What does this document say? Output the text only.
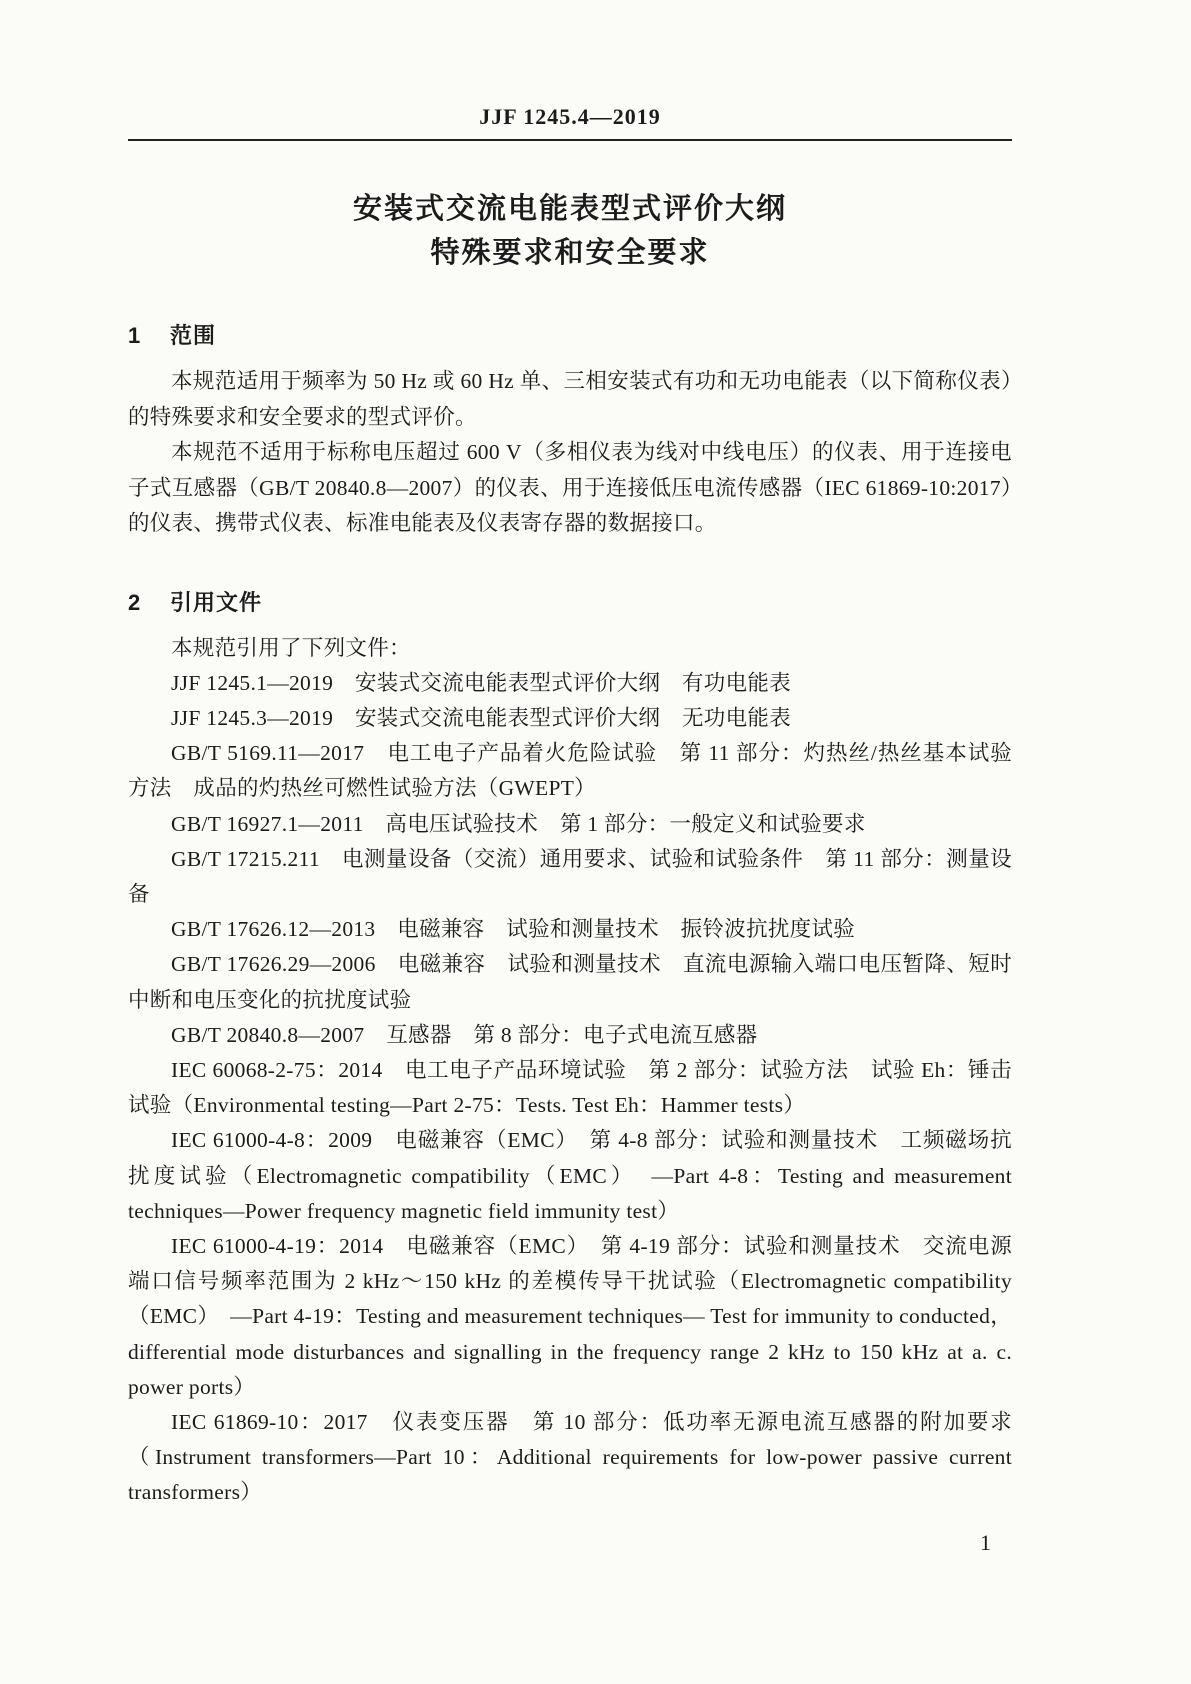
JJF 1245.4—2019
安装式交流电能表型式评价大纲
特殊要求和安全要求
1 范围

本规范适用于频率为 50 Hz 或 60 Hz 单、三相安装式有功和无功电能表（以下简称仪表）的特殊要求和安全要求的型式评价。

本规范不适用于标称电压超过 600 V（多相仪表为线对中线电压）的仪表、用于连接电子式互感器（GB/T 20840.8—2007）的仪表、用于连接低压电流传感器（IEC 61869-10:2017）的仪表、携带式仪表、标准电能表及仪表寄存器的数据接口。

2 引用文件

本规范引用了下列文件：

JJF 1245.1—2019　安装式交流电能表型式评价大纲　有功电能表

JJF 1245.3—2019　安装式交流电能表型式评价大纲　无功电能表

GB/T 5169.11—2017　电工电子产品着火危险试验　第 11 部分：灼热丝/热丝基本试验方法　成品的灼热丝可燃性试验方法（GWEPT）

GB/T 16927.1—2011　高电压试验技术　第 1 部分：一般定义和试验要求

GB/T 17215.211　电测量设备（交流）通用要求、试验和试验条件　第 11 部分：测量设备

GB/T 17626.12—2013　电磁兼容　试验和测量技术　振铃波抗扰度试验

GB/T 17626.29—2006　电磁兼容　试验和测量技术　直流电源输入端口电压暂降、短时中断和电压变化的抗扰度试验

GB/T 20840.8—2007　互感器　第 8 部分：电子式电流互感器

IEC 60068-2-75：2014　电工电子产品环境试验　第 2 部分：试验方法　试验 Eh：锤击试验（Environmental testing—Part 2-75：Tests. Test Eh：Hammer tests）

IEC 61000-4-8：2009　电磁兼容（EMC）　第 4-8 部分：试验和测量技术　工频磁场抗扰度试验（Electromagnetic compatibility（EMC）　—Part 4-8：Testing and measurement techniques—Power frequency magnetic field immunity test）

IEC 61000-4-19：2014　电磁兼容（EMC）　第 4-19 部分：试验和测量技术　交流电源端口信号频率范围为 2 kHz～150 kHz 的差模传导干扰试验（Electromagnetic compatibility（EMC）　—Part 4-19：Testing and measurement techniques— Test for immunity to conducted，differential mode disturbances and signalling in the frequency range 2 kHz to 150 kHz at a. c. power ports）

IEC 61869-10：2017　仪表变压器　第 10 部分：低功率无源电流互感器的附加要求（Instrument transformers—Part 10：Additional requirements for low-power passive current transformers）

1
